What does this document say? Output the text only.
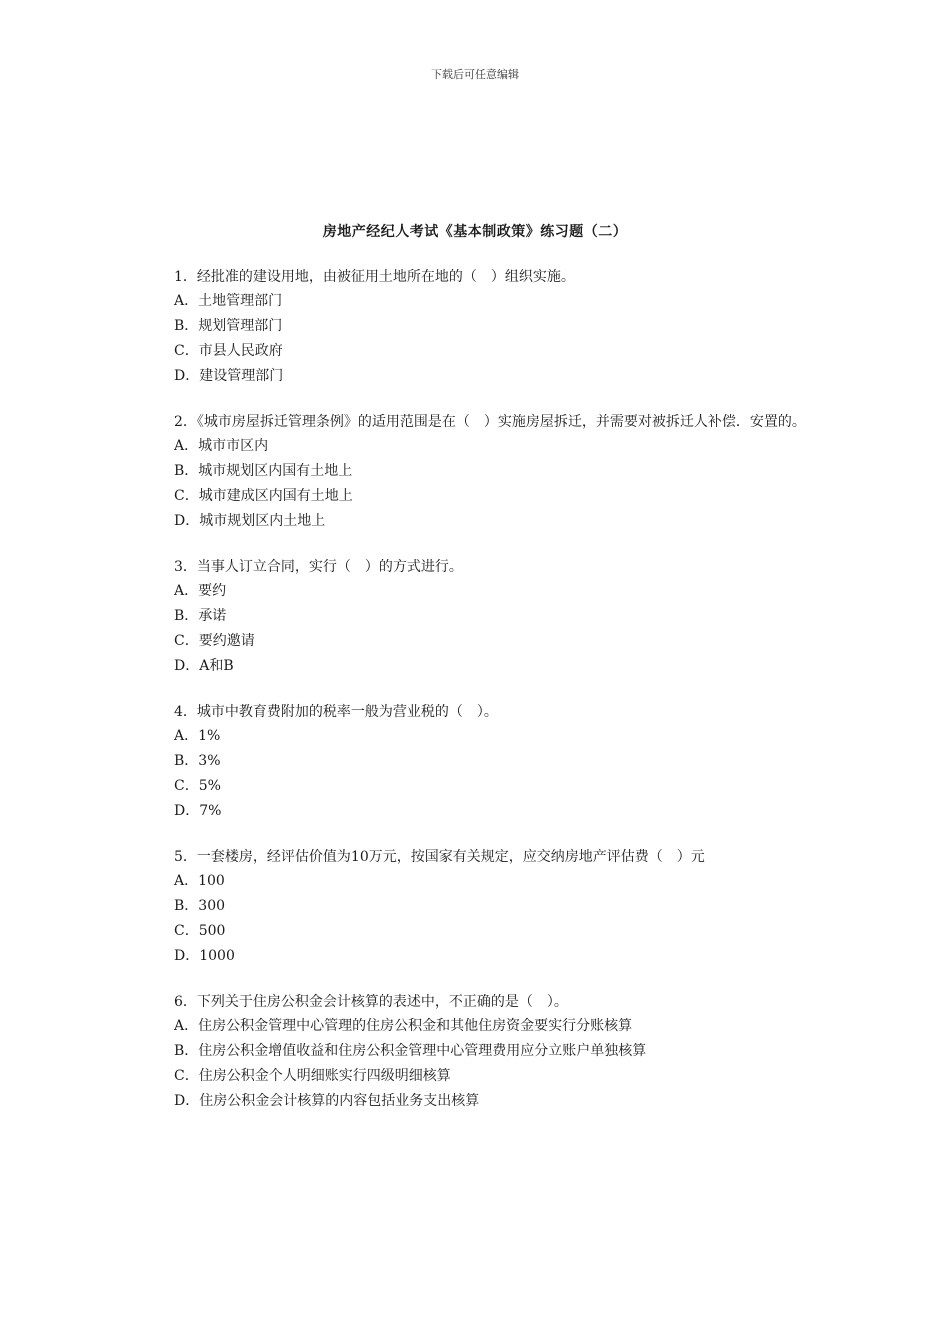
下载后可任意编辑
房地产经纪人考试《基本制政策》练习题（二）

1．经批准的建设用地，由被征用土地所在地的（　）组织实施。

A．土地管理部门

B．规划管理部门

C．市县人民政府

D．建设管理部门

2．《城市房屋拆迁管理条例》的适用范围是在（　）实施房屋拆迁，并需要对被拆迁人补偿．安置的。

A．城市市区内

B．城市规划区内国有土地上

C．城市建成区内国有土地上

D．城市规划区内土地上

3．当事人订立合同，实行（　）的方式进行。

A．要约

B．承诺

C．要约邀请

D．A和B

4．城市中教育费附加的税率一般为营业税的（　）。

A．1%

B．3%

C．5%

D．7%

5．一套楼房，经评估价值为10万元，按国家有关规定，应交纳房地产评估费（　）元

A．100

B．300

C．500

D．1000

6．下列关于住房公积金会计核算的表述中，不正确的是（　）。

A．住房公积金管理中心管理的住房公积金和其他住房资金要实行分账核算

B．住房公积金增值收益和住房公积金管理中心管理费用应分立账户单独核算

C．住房公积金个人明细账实行四级明细核算

D．住房公积金会计核算的内容包括业务支出核算
